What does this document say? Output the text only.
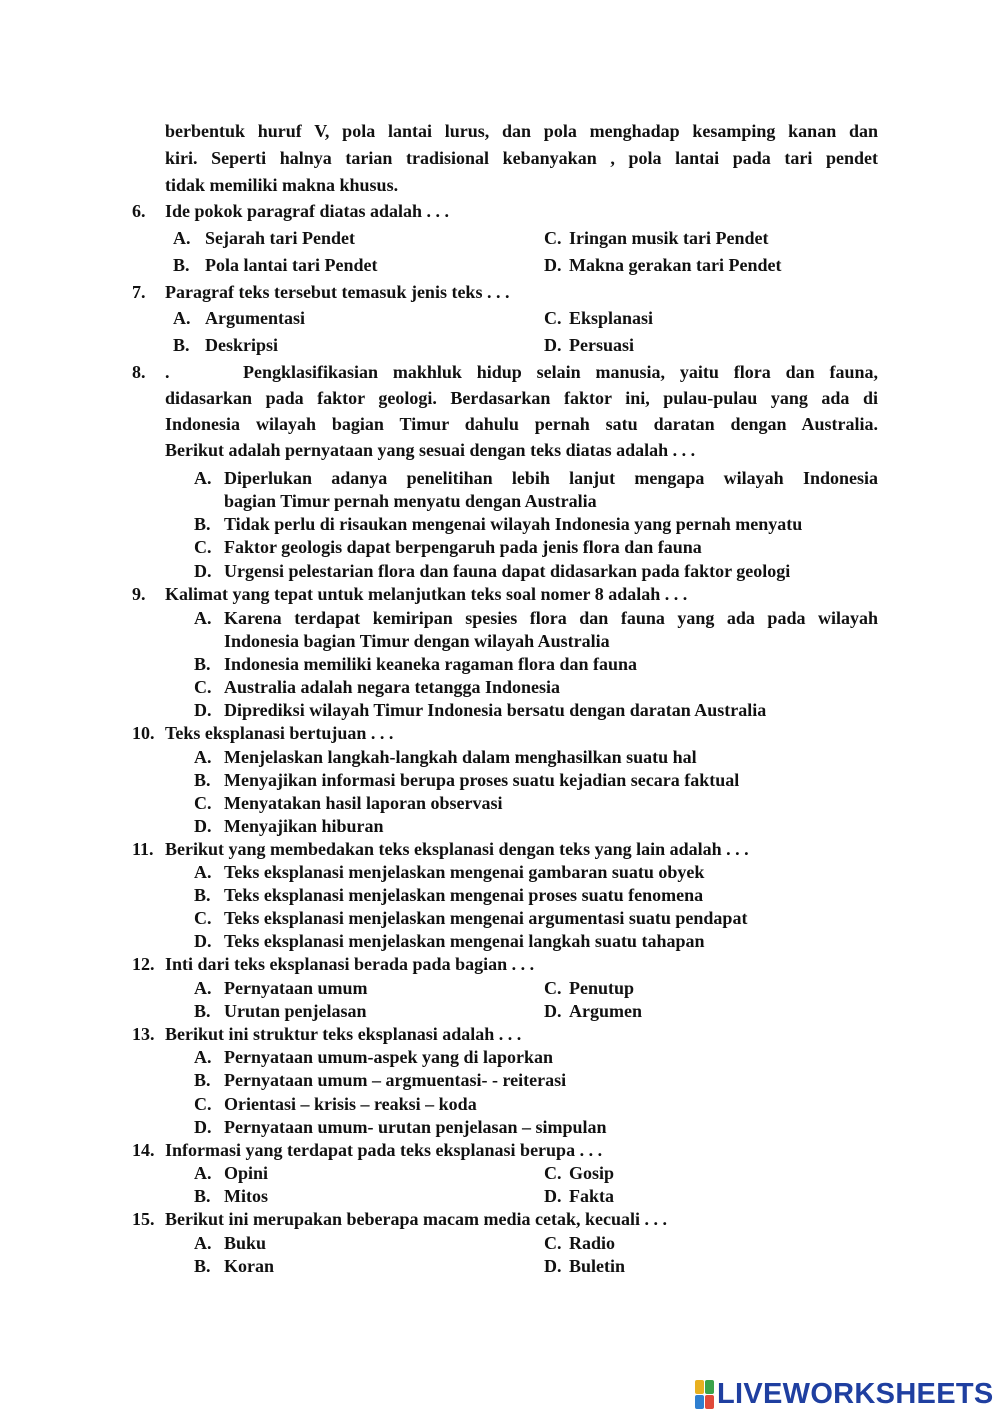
berbentuk huruf V, pola lantai lurus, dan pola menghadap kesamping kanan dan
kiri. Seperti halnya tarian tradisional kebanyakan , pola lantai pada tari pendet
tidak memiliki makna khusus.
6.	Ide pokok paragraf diatas adalah . . .
A. Sejarah tari Pendet
B. Pola lantai tari Pendet
C. Iringan musik tari Pendet
D. Makna gerakan tari Pendet
7.	Paragraf teks tersebut temasuk jenis teks . . .
A. Argumentasi
B. Deskripsi
C. Eksplanasi
D. Persuasi
8.	.	Pengklasifikasian makhluk hidup selain manusia, yaitu flora dan fauna,
didasarkan pada faktor geologi. Berdasarkan faktor ini, pulau-pulau yang ada di
Indonesia wilayah bagian Timur dahulu pernah satu daratan dengan Australia.
Berikut adalah pernyataan yang sesuai dengan teks diatas adalah . . .
A. Diperlukan adanya penelitihan lebih lanjut mengapa wilayah Indonesia
bagian Timur pernah menyatu dengan Australia
B. Tidak perlu di risaukan mengenai wilayah Indonesia yang pernah menyatu
C. Faktor geologis dapat berpengaruh pada jenis flora dan fauna
D. Urgensi pelestarian flora dan fauna dapat didasarkan pada faktor geologi
9.	Kalimat yang tepat untuk melanjutkan teks soal nomer 8 adalah . . .
A. Karena terdapat kemiripan spesies flora dan fauna yang ada pada wilayah
Indonesia bagian Timur dengan wilayah Australia
B. Indonesia memiliki keaneka ragaman flora dan fauna
C. Australia adalah negara tetangga Indonesia
D. Diprediksi wilayah Timur Indonesia bersatu dengan daratan Australia
10. Teks eksplanasi bertujuan . . .
A. Menjelaskan langkah-langkah dalam menghasilkan suatu hal
B. Menyajikan informasi berupa proses suatu kejadian secara faktual
C. Menyatakan hasil laporan observasi
D. Menyajikan hiburan
11. Berikut yang membedakan teks eksplanasi dengan teks yang lain adalah . . .
A. Teks eksplanasi menjelaskan mengenai gambaran suatu obyek
B. Teks eksplanasi menjelaskan mengenai proses suatu fenomena
C. Teks eksplanasi menjelaskan mengenai argumentasi suatu pendapat
D. Teks eksplanasi menjelaskan mengenai langkah suatu tahapan
12. Inti dari teks eksplanasi berada pada bagian . . .
A. Pernyataan umum
B. Urutan penjelasan
C. Penutup
D. Argumen
13. Berikut ini struktur teks eksplanasi adalah . . .
A. Pernyataan umum-aspek yang di laporkan
B. Pernyataan umum – argmuentasi- - reiterasi
C. Orientasi – krisis – reaksi – koda
D. Pernyataan umum- urutan penjelasan – simpulan
14. Informasi yang terdapat pada teks eksplanasi berupa . . .
A. Opini
B. Mitos
C. Gosip
D. Fakta
15. Berikut ini merupakan beberapa macam media cetak, kecuali . . .
A. Buku
B. Koran
C. Radio
D. Buletin
LIVEWORKSHEETS
